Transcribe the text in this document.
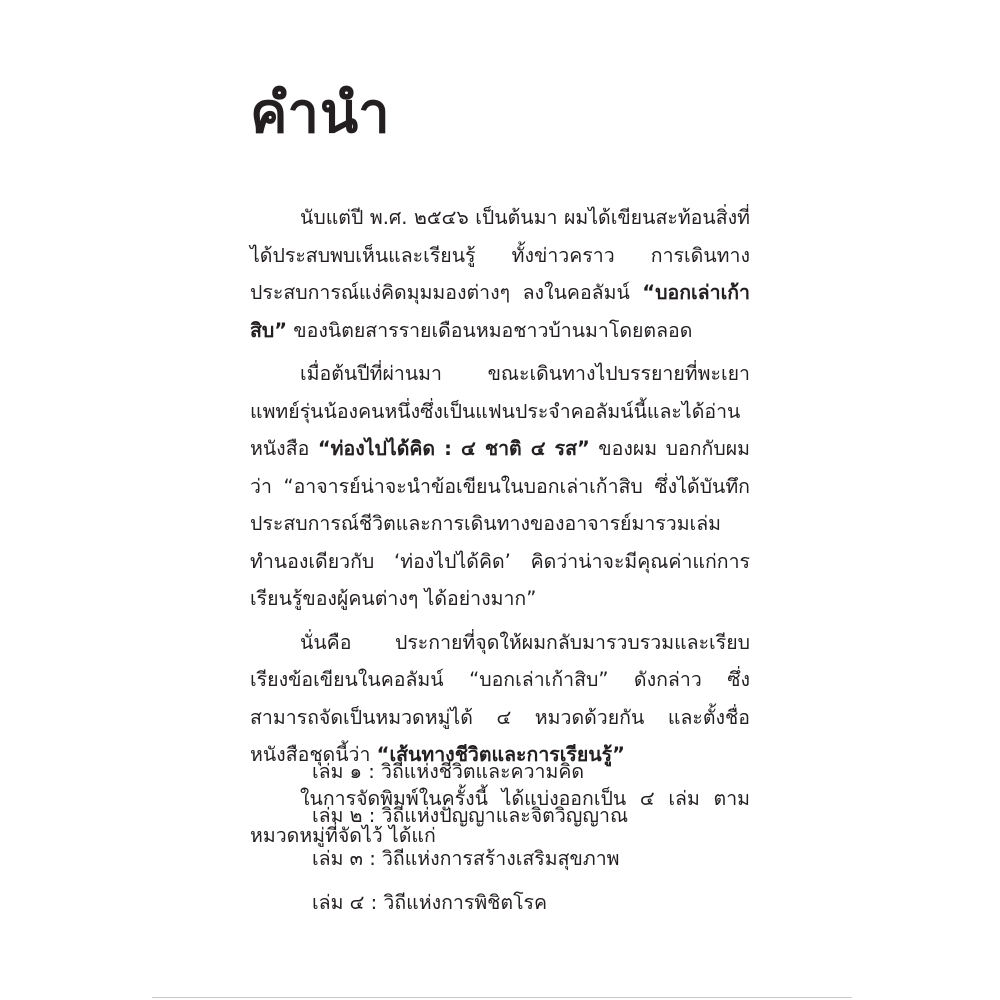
คำนำ

นับแต่ปี พ.ศ. ๒๕๔๖ เป็นต้นมา ผมได้เขียนสะท้อนสิ่งที่ได้ประสบพบเห็นและเรียนรู้ ทั้งข่าวคราว การเดินทาง ประสบการณ์แง่คิดมุมมองต่างๆ ลงในคอลัมน์ “บอกเล่าเก้าสิบ” ของนิตยสารรายเดือนหมอชาวบ้านมาโดยตลอด

เมื่อต้นปีที่ผ่านมา ขณะเดินทางไปบรรยายที่พะเยา แพทย์รุ่นน้องคนหนึ่งซึ่งเป็นแฟนประจำคอลัมน์นี้และได้อ่านหนังสือ “ท่องไปได้คิด : ๔ ชาติ ๔ รส” ของผม บอกกับผมว่า “อาจารย์น่าจะนำข้อเขียนในบอกเล่าเก้าสิบ ซึ่งได้บันทึกประสบการณ์ชีวิตและการเดินทางของอาจารย์มารวมเล่ม ทำนองเดียวกับ ‘ท่องไปได้คิด’ คิดว่าน่าจะมีคุณค่าแก่การเรียนรู้ของผู้คนต่างๆ ได้อย่างมาก”

นั่นคือ ประกายที่จุดให้ผมกลับมารวบรวมและเรียบเรียงข้อเขียนในคอลัมน์ “บอกเล่าเก้าสิบ” ดังกล่าว ซึ่งสามารถจัดเป็นหมวดหมู่ได้ ๔ หมวดด้วยกัน และตั้งชื่อหนังสือชุดนี้ว่า “เส้นทางชีวิตและการเรียนรู้”

ในการจัดพิมพ์ในครั้งนี้ ได้แบ่งออกเป็น ๔ เล่ม ตามหมวดหมู่ที่จัดไว้ ได้แก่

เล่ม ๑ : วิถีแห่งชีวิตและความคิด
เล่ม ๒ : วิถีแห่งปัญญาและจิตวิญญาณ
เล่ม ๓ : วิถีแห่งการสร้างเสริมสุขภาพ
เล่ม ๔ : วิถีแห่งการพิชิตโรค
